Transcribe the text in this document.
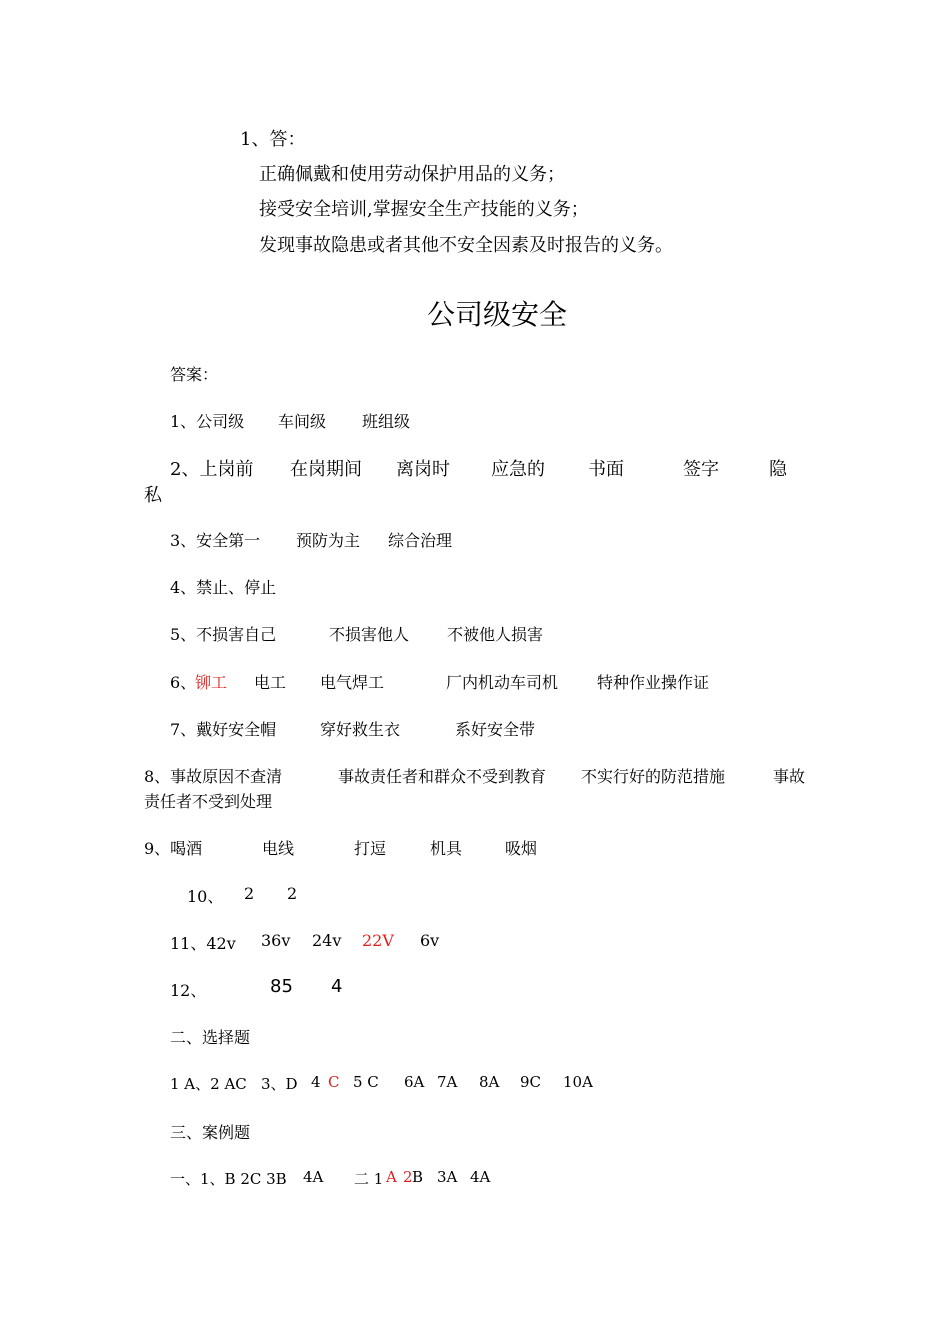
1、答：
正确佩戴和使用劳动保护用品的义务；
接受安全培训,掌握安全生产技能的义务；
发现事故隐患或者其他不安全因素及时报告的义务。
公司级安全
答案：
1、公司级 车间级 班组级
2、上岗前 在岗期间 离岗时 应急的 书面	签字	隐
私
3、安全第一 预防为主 综合治理
4、禁止、停止
5、不损害自己	不损害他人 不被他人损害
6、
铆工 电工 电气焊工	厂内机动车司机 特种作业操作证
7、戴好安全帽	穿好救生衣	系好安全带
8、事故原因不查清	事故责任者和群众不受到教育 不实行好的防范措施	事故
责任者不受到处理
9、喝酒	电线	打逗	机具	吸烟
10、 2 2
11、42v 36v 24v 22V 6v
12、	85 4
二、选择题
1 A、2 AC 3、D 4 C 5 C 6A 7A 8A 9C 10A
三、案例题
一、1、B 2C 3B 4A 二 1 A 2 B 3A 4A
